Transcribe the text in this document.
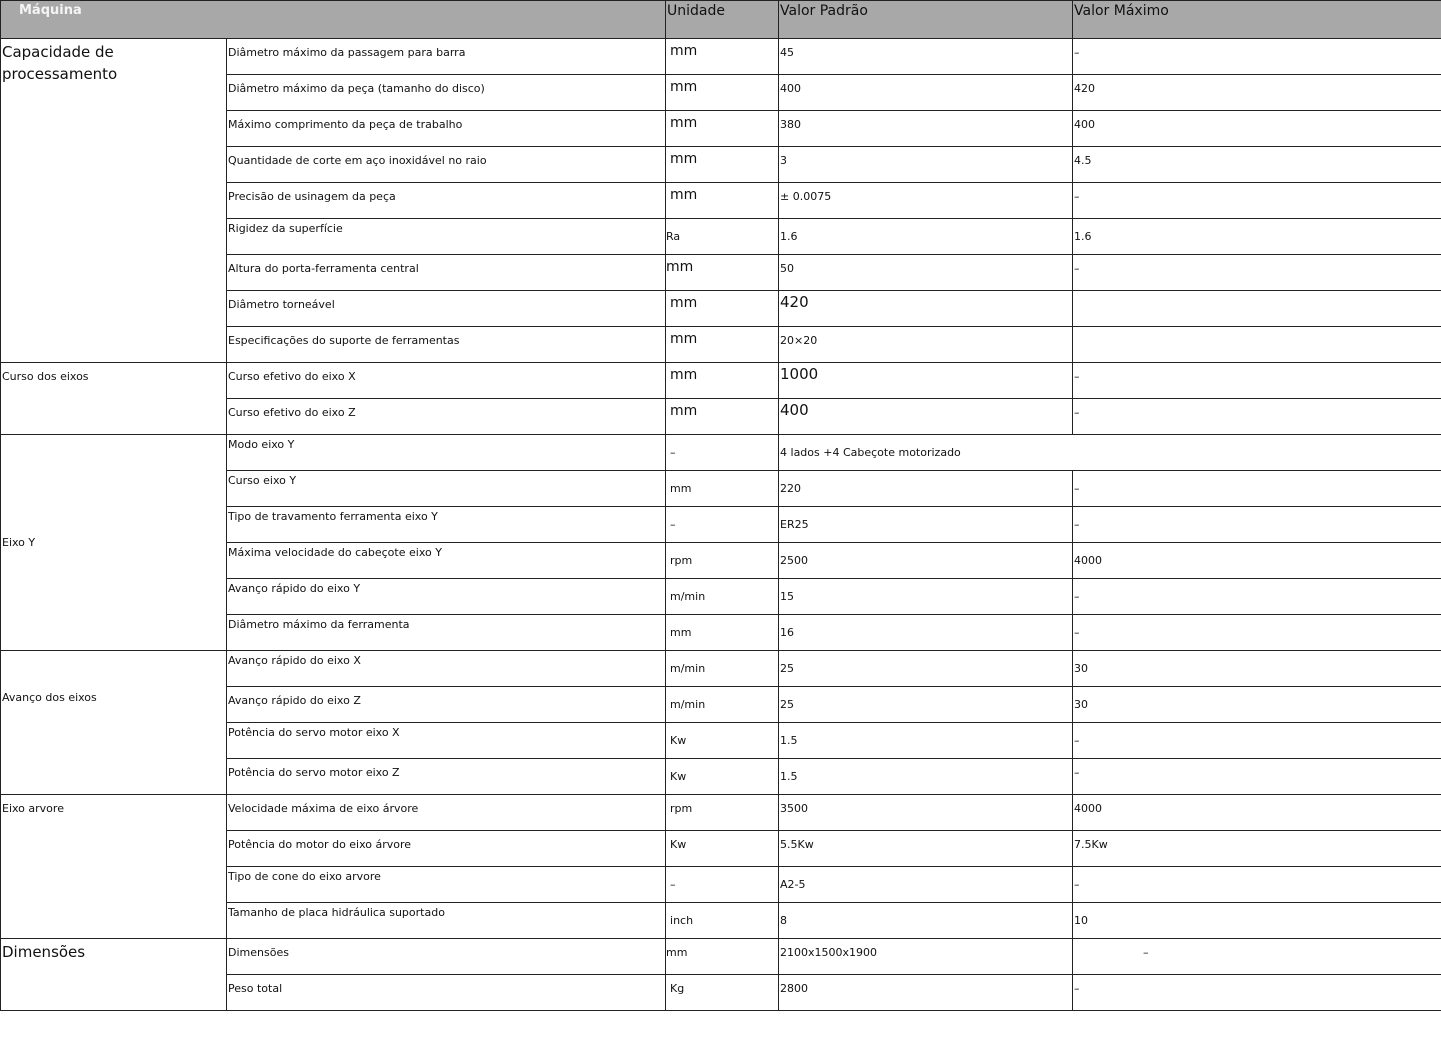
Máquina		Unidade	Valor Padrão	Valor Máximo
Capacidade de processamento	Diâmetro máximo da passagem para barra	mm	45	–
	Diâmetro máximo da peça (tamanho do disco)	mm	400	420
	Máximo comprimento da peça de trabalho	mm	380	400
	Quantidade de corte em aço inoxidável no raio	mm	3	4.5
	Precisão de usinagem da peça	mm	± 0.0075	–
	Rigidez da superfície	Ra	1.6	1.6
	Altura do porta-ferramenta central	mm	50	–
	Diâmetro torneável	mm	420	
	Especificações do suporte de ferramentas	mm	20×20	
Curso dos eixos	Curso efetivo do eixo X	mm	1000	–
	Curso efetivo do eixo Z	mm	400	–
Eixo Y	Modo eixo Y	–	4 lados +4 Cabeçote motorizado	
	Curso eixo Y	mm	220	–
	Tipo de travamento ferramenta eixo Y	–	ER25	–
	Máxima velocidade do cabeçote eixo Y	rpm	2500	4000
	Avanço rápido do eixo Y	m/min	15	–
	Diâmetro máximo da ferramenta	mm	16	–
Avanço dos eixos	Avanço rápido do eixo X	m/min	25	30
	Avanço rápido do eixo Z	m/min	25	30
	Potência do servo motor eixo X	Kw	1.5	–
	Potência do servo motor eixo Z	Kw	1.5	–
Eixo arvore	Velocidade máxima de eixo árvore	rpm	3500	4000
	Potência do motor do eixo árvore	Kw	5.5Kw	7.5Kw
	Tipo de cone do eixo arvore	–	A2-5	–
	Tamanho de placa hidráulica suportado	inch	8	10
Dimensões	Dimensões	mm	2100x1500x1900	–
	Peso total	Kg	2800	–
